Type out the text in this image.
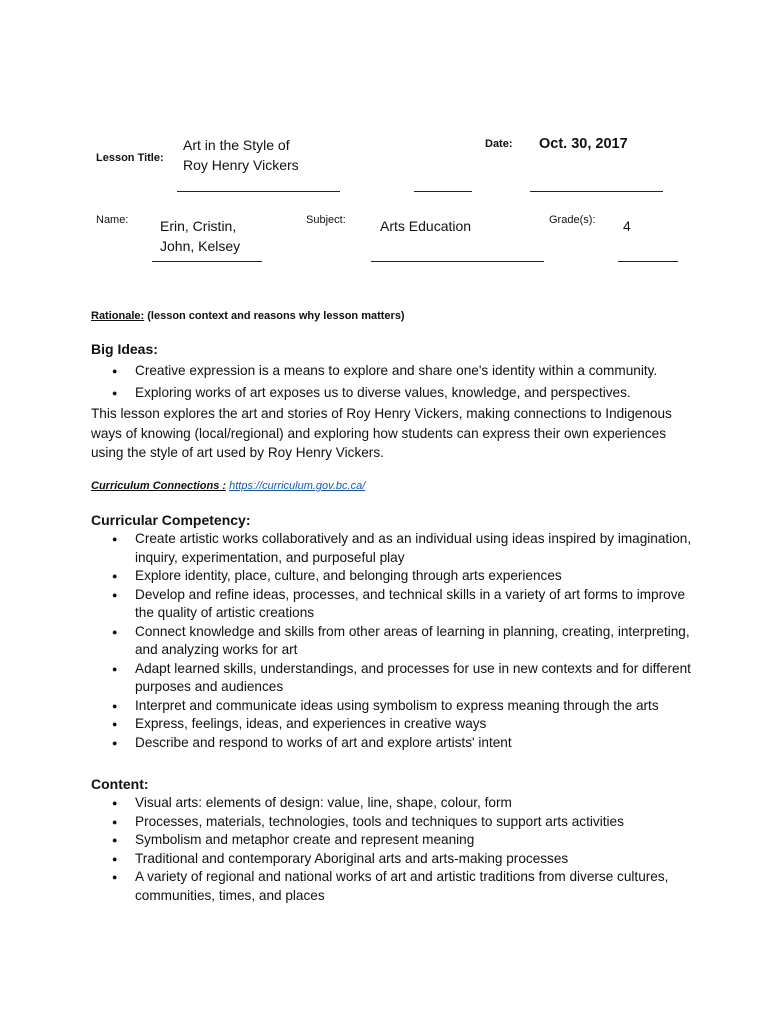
Lesson Title:
Art in the Style of
Roy Henry Vickers
Date: Oct. 30, 2017
Name: Erin, Cristin,
John, Kelsey
Subject: Arts Education	Grade(s): 4
Rationale: (lesson context and reasons why lesson matters)
Big Ideas:
● Creative expression is a means to explore and share one's identity within a community.
● Exploring works of art exposes us to diverse values, knowledge, and perspectives.
This lesson explores the art and stories of Roy Henry Vickers, making connections to Indigenous ways of knowing (local/regional) and exploring how students can express their own experiences using the style of art used by Roy Henry Vickers.
Curriculum Connections : https://curriculum.gov.bc.ca/
Curricular Competency:
● Create artistic works collaboratively and as an individual using ideas inspired by imagination, inquiry, experimentation, and purposeful play
● Explore identity, place, culture, and belonging through arts experiences
● Develop and refine ideas, processes, and technical skills in a variety of art forms to improve the quality of artistic creations
● Connect knowledge and skills from other areas of learning in planning, creating, interpreting, and analyzing works for art
● Adapt learned skills, understandings, and processes for use in new contexts and for different purposes and audiences
● Interpret and communicate ideas using symbolism to express meaning through the arts
● Express, feelings, ideas, and experiences in creative ways
● Describe and respond to works of art and explore artists' intent
Content:
● Visual arts: elements of design: value, line, shape, colour, form
● Processes, materials, technologies, tools and techniques to support arts activities
● Symbolism and metaphor create and represent meaning
● Traditional and contemporary Aboriginal arts and arts-making processes
● A variety of regional and national works of art and artistic traditions from diverse cultures, communities, times, and places
